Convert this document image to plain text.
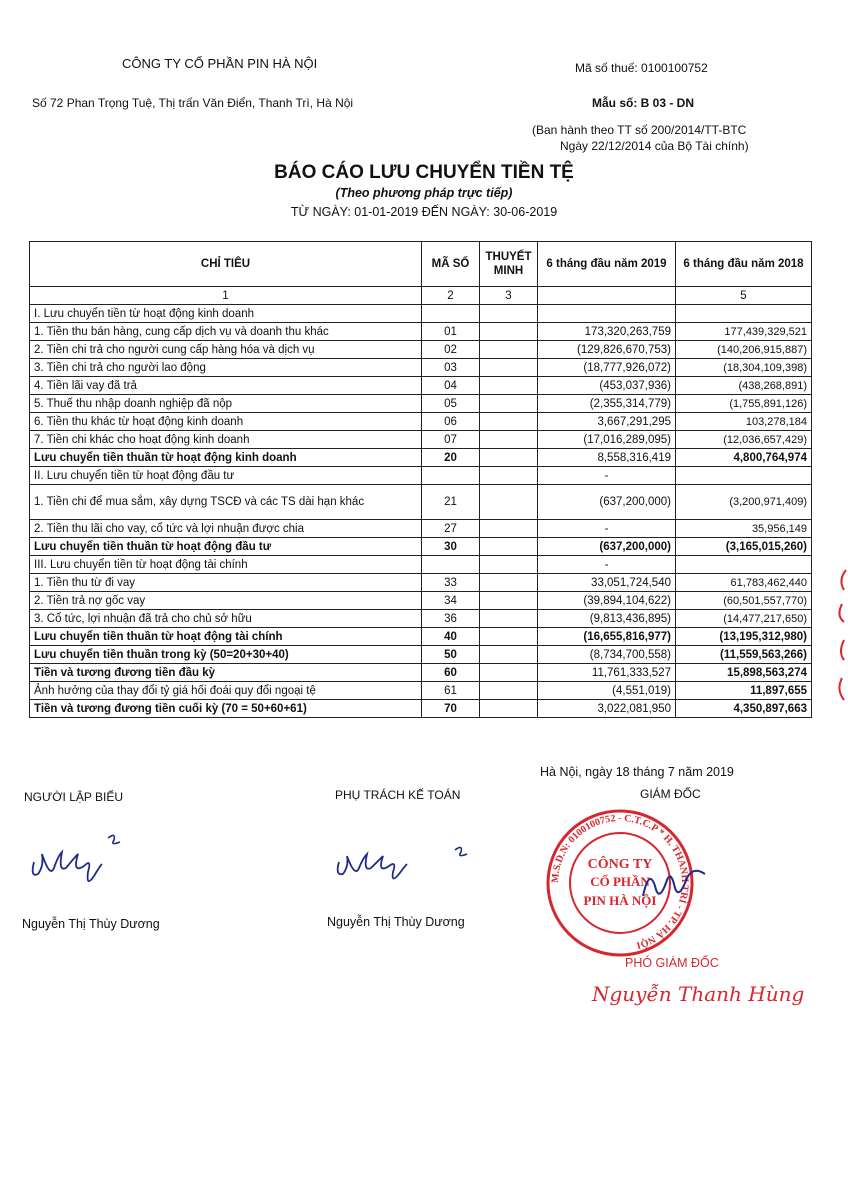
CÔNG TY CỔ PHẦN PIN HÀ NỘI	Mã số thuế: 0100100752
Số 72 Phan Trọng Tuệ, Thị trấn Văn Điển, Thanh Trì, Hà Nội	Mẫu số: B 03 - DN
(Ban hành theo TT số 200/2014/TT-BTC
Ngày 22/12/2014 của Bộ Tài chính)
BÁO CÁO LƯU CHUYỂN TIỀN TỆ
(Theo phương pháp trực tiếp)
TỪ NGÀY: 01-01-2019 ĐẾN NGÀY: 30-06-2019
CHỈ TIÊU	MÃ SỐ	THUYẾT MINH	6 tháng đầu năm 2019	6 tháng đầu năm 2018
1	2	3		5
I. Lưu chuyển tiền từ hoạt động kinh doanh				
1. Tiền thu bán hàng, cung cấp dịch vụ và doanh thu khác	01		173,320,263,759	177,439,329,521
2. Tiền chi trả cho người cung cấp hàng hóa và dịch vụ	02		(129,826,670,753)	(140,206,915,887)
3. Tiền chi trả cho người lao động	03		(18,777,926,072)	(18,304,109,398)
4. Tiền lãi vay đã trả	04		(453,037,936)	(438,268,891)
5. Thuế thu nhập doanh nghiệp đã nộp	05		(2,355,314,779)	(1,755,891,126)
6. Tiền thu khác từ hoạt động kinh doanh	06		3,667,291,295	103,278,184
7. Tiền chi khác cho hoạt động kinh doanh	07		(17,016,289,095)	(12,036,657,429)
Lưu chuyển tiền thuần từ hoạt động kinh doanh	20		8,558,316,419	4,800,764,974
II. Lưu chuyển tiền từ hoạt động đầu tư			-	
1. Tiền chi để mua sắm, xây dựng TSCĐ và các TS dài hạn khác	21		(637,200,000)	(3,200,971,409)
2. Tiền thu lãi cho vay, cổ tức và lợi nhuận được chia	27		-	35,956,149
Lưu chuyển tiền thuần từ hoạt động đầu tư	30		(637,200,000)	(3,165,015,260)
III. Lưu chuyển tiền từ hoạt động tài chính			-	
1. Tiền thu từ đi vay	33		33,051,724,540	61,783,462,440
2. Tiền trả nợ gốc vay	34		(39,894,104,622)	(60,501,557,770)
3. Cổ tức, lợi nhuận đã trả cho chủ sở hữu	36		(9,813,436,895)	(14,477,217,650)
Lưu chuyển tiền thuần từ hoạt động tài chính	40		(16,655,816,977)	(13,195,312,980)
Lưu chuyển tiền thuần trong kỳ (50=20+30+40)	50		(8,734,700,558)	(11,559,563,266)
Tiền và tương đương tiền đầu kỳ	60		11,761,333,527	15,898,563,274
Ảnh hưởng của thay đổi tỷ giá hối đoái quy đổi ngoại tệ	61		(4,551,019)	11,897,655
Tiền và tương đương tiền cuối kỳ (70 = 50+60+61)	70		3,022,081,950	4,350,897,663
Hà Nội, ngày 18 tháng 7 năm 2019
NGƯỜI LẬP BIỂU	PHỤ TRÁCH KẾ TOÁN	GIÁM ĐỐC
Nguyễn Thị Thùy Dương	Nguyễn Thị Thùy Dương
M.S.D.N: 0100100752 - C.T.C.P * H. THANH TRÌ - TP. HÀ NỘI
CÔNG TY
CỔ PHẦN
PIN HÀ NỘI
PHÓ GIÁM ĐỐC
Nguyễn Thanh Hùng
